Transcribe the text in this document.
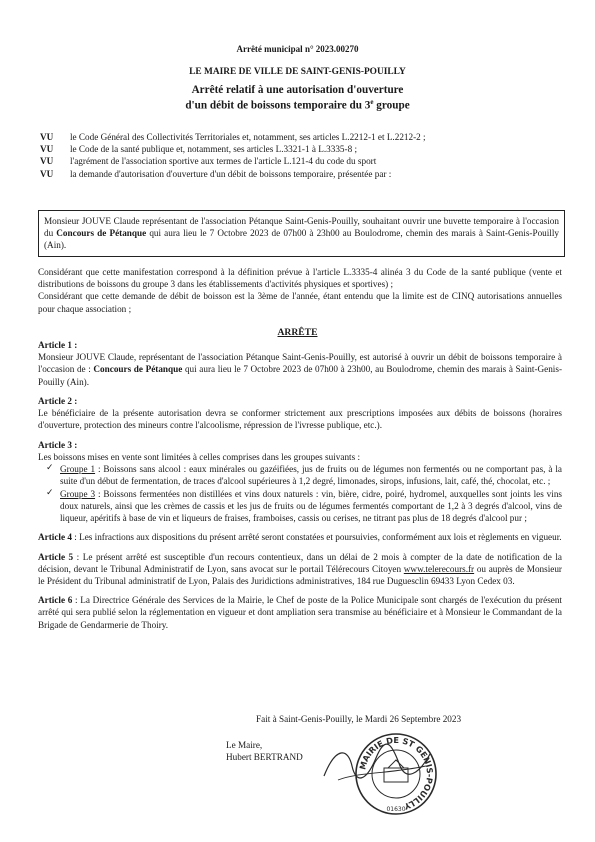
Arrêté municipal n° 2023.00270
LE MAIRE DE VILLE DE SAINT-GENIS-POUILLY
Arrêté relatif à une autorisation d'ouverture
d'un débit de boissons temporaire du 3e groupe
VU	le Code Général des Collectivités Territoriales et, notamment, ses articles L.2212-1 et L.2212-2 ;
VU	le Code de la santé publique et, notamment, ses articles L.3321-1 à L.3335-8 ;
VU	l'agrément de l'association sportive aux termes de l'article L.121-4 du code du sport
VU	la demande d'autorisation d'ouverture d'un débit de boissons temporaire, présentée par :
Monsieur JOUVE Claude représentant de l'association Pétanque Saint-Genis-Pouilly, souhaitant ouvrir une buvette temporaire à l'occasion du Concours de Pétanque qui aura lieu le 7 Octobre 2023 de 07h00 à 23h00 au Boulodrome, chemin des marais à Saint-Genis-Pouilly (Ain).

Considérant que cette manifestation correspond à la définition prévue à l'article L.3335-4 alinéa 3 du Code de la santé publique (vente et distributions de boissons du groupe 3 dans les établissements d'activités physiques et sportives) ;

Considérant que cette demande de débit de boisson est la 3ème de l'année, étant entendu que la limite est de CINQ autorisations annuelles pour chaque association ;

ARRÊTE
Article 1 :

Monsieur JOUVE Claude, représentant de l'association Pétanque Saint-Genis-Pouilly, est autorisé à ouvrir un débit de boissons temporaire à l'occasion de : Concours de Pétanque qui aura lieu le 7 Octobre 2023 de 07h00 à 23h00, au Boulodrome, chemin des marais à Saint-Genis-Pouilly (Ain).

Article 2 :

Le bénéficiaire de la présente autorisation devra se conformer strictement aux prescriptions imposées aux débits de boissons (horaires d'ouverture, protection des mineurs contre l'alcoolisme, répression de l'ivresse publique, etc.).

Article 3 :

Les boissons mises en vente sont limitées à celles comprises dans les groupes suivants :

✓ Groupe 1 : Boissons sans alcool : eaux minérales ou gazéifiées, jus de fruits ou de légumes non fermentés ou ne comportant pas, à la suite d'un début de fermentation, de traces d'alcool supérieures à 1,2 degré, limonades, sirops, infusions, lait, café, thé, chocolat, etc. ;
✓ Groupe 3 : Boissons fermentées non distillées et vins doux naturels : vin, bière, cidre, poiré, hydromel, auxquelles sont joints les vins doux naturels, ainsi que les crèmes de cassis et les jus de fruits ou de légumes fermentés comportant de 1,2 à 3 degrés d'alcool, vins de liqueur, apéritifs à base de vin et liqueurs de fraises, framboises, cassis ou cerises, ne titrant pas plus de 18 degrés d'alcool pur ;

Article 4 : Les infractions aux dispositions du présent arrêté seront constatées et poursuivies, conformément aux lois et règlements en vigueur.

Article 5 : Le présent arrêté est susceptible d'un recours contentieux, dans un délai de 2 mois à compter de la date de notification de la décision, devant le Tribunal Administratif de Lyon, sans avocat sur le portail Télérecours Citoyen www.telerecours.fr ou auprès de Monsieur le Président du Tribunal administratif de Lyon, Palais des Juridictions administratives, 184 rue Duguesclin 69433 Lyon Cedex 03.

Article 6 : La Directrice Générale des Services de la Mairie, le Chef de poste de la Police Municipale sont chargés de l'exécution du présent arrêté qui sera publié selon la réglementation en vigueur et dont ampliation sera transmise au bénéficiaire et à Monsieur le Commandant de la Brigade de Gendarmerie de Thoiry.

Fait à Saint-Genis-Pouilly, le Mardi 26 Septembre 2023
Le Maire,
Hubert BERTRAND
MAIRIE DE ST GENIS-POUILLY
01630
